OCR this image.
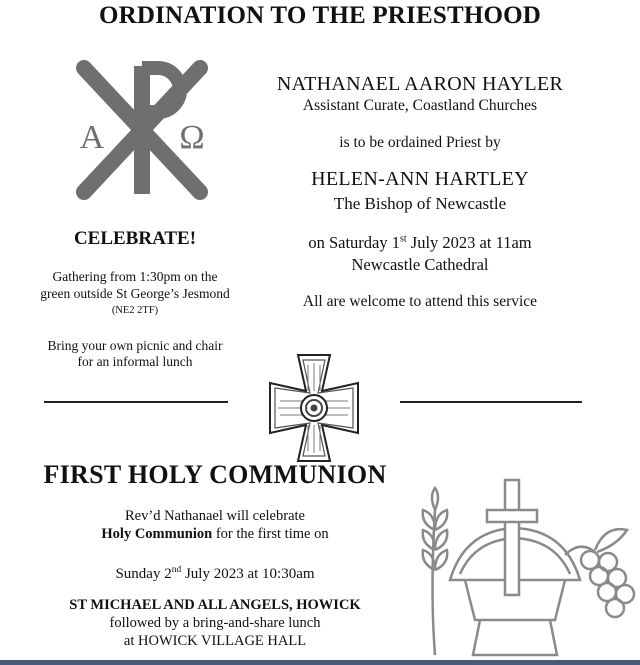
ORDINATION TO THE PRIESTHOOD
A Ω
NATHANAEL AARON HAYLER
Assistant Curate, Coastland Churches
is to be ordained Priest by
HELEN-ANN HARTLEY
The Bishop of Newcastle
on Saturday 1st July 2023 at 11am
Newcastle Cathedral
All are welcome to attend this service
CELEBRATE!
Gathering from 1:30pm on the
green outside St George’s Jesmond
(NE2 2TF)
Bring your own picnic and chair
for an informal lunch
FIRST HOLY COMMUNION
Rev’d Nathanael will celebrate
Holy Communion for the first time on
Sunday 2nd July 2023 at 10:30am
ST MICHAEL AND ALL ANGELS, HOWICK
followed by a bring-and-share lunch
at HOWICK VILLAGE HALL
